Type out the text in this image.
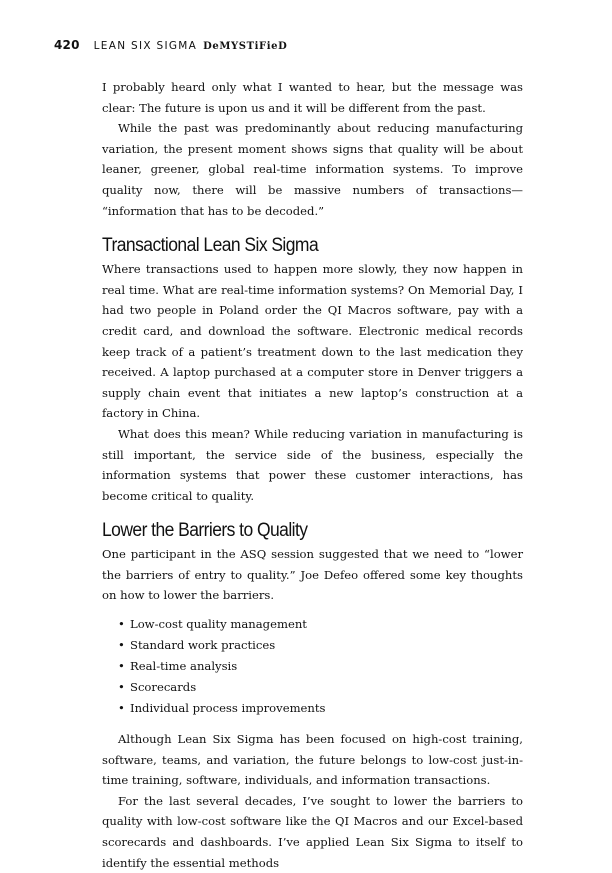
420 LEAN SIX SIGMA DeMYSTiFieD

I probably heard only what I wanted to hear, but the message was clear: The future is upon us and it will be different from the past.

While the past was predominantly about reducing manufacturing variation, the present moment shows signs that quality will be about leaner, greener, global real-time information systems. To improve quality now, there will be massive numbers of transactions— “information that has to be decoded.”

Transactional Lean Six Sigma

Where transactions used to happen more slowly, they now happen in real time. What are real-time information systems? On Memorial Day, I had two people in Poland order the QI Macros software, pay with a credit card, and download the software. Electronic medical records keep track of a patient’s treatment down to the last medication they received. A laptop purchased at a computer store in Denver triggers a supply chain event that initiates a new laptop’s construction at a factory in China.

What does this mean? While reducing variation in manufacturing is still important, the service side of the business, especially the information systems that power these customer interactions, has become critical to quality.

Lower the Barriers to Quality

One participant in the ASQ session suggested that we need to “lower the barriers of entry to quality.” Joe Defeo offered some key thoughts on how to lower the barriers.

• Low-cost quality management
• Standard work practices
• Real-time analysis
• Scorecards
• Individual process improvements

Although Lean Six Sigma has been focused on high-cost training, software, teams, and variation, the future belongs to low-cost just-in-time training, software, individuals, and information transactions.

For the last several decades, I’ve sought to lower the barriers to quality with low-cost software like the QI Macros and our Excel-based scorecards and dashboards. I’ve applied Lean Six Sigma to itself to identify the essential methods
